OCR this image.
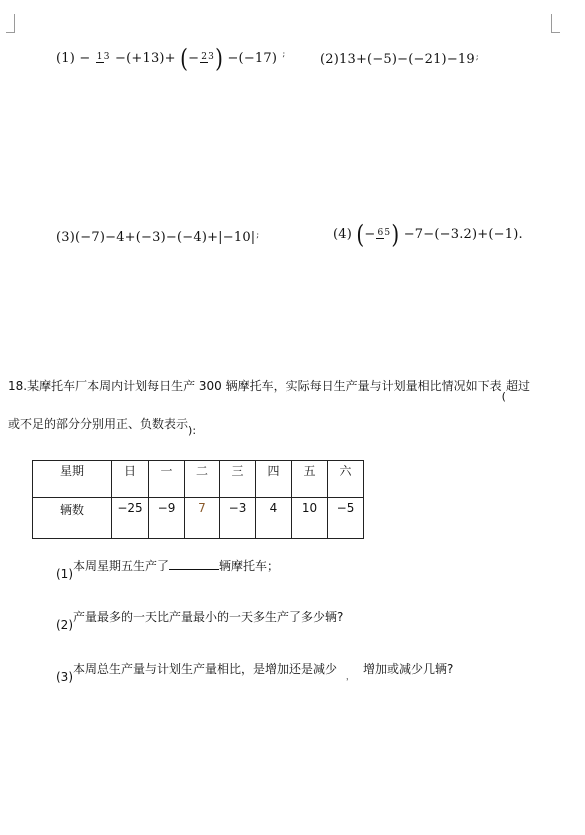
(1) − 13 −(+13)+ (− 23) −(−17) ;	(2)13+(−5)−(−21)−19;
(3)(−7)−4+(−3)−(−4)+|−10|;	(4) (− 65) −7−(−3.2)+(−1).
18.某摩托车厂本周内计划每日生产 300 辆摩托车，实际每日生产量与计划量相比情况如下表(超过
或不足的部分分别用正、负数表示):
星期	日	一	二	三	四	五	六
辆数	−25	−9	7	−3	4	10	−5
(1)本周星期五生产了	辆摩托车；
(2)产量最多的一天比产量最小的一天多生产了多少辆?
(3)本周总生产量与计划生产量相比，是增加还是减少，增加或减少几辆?
